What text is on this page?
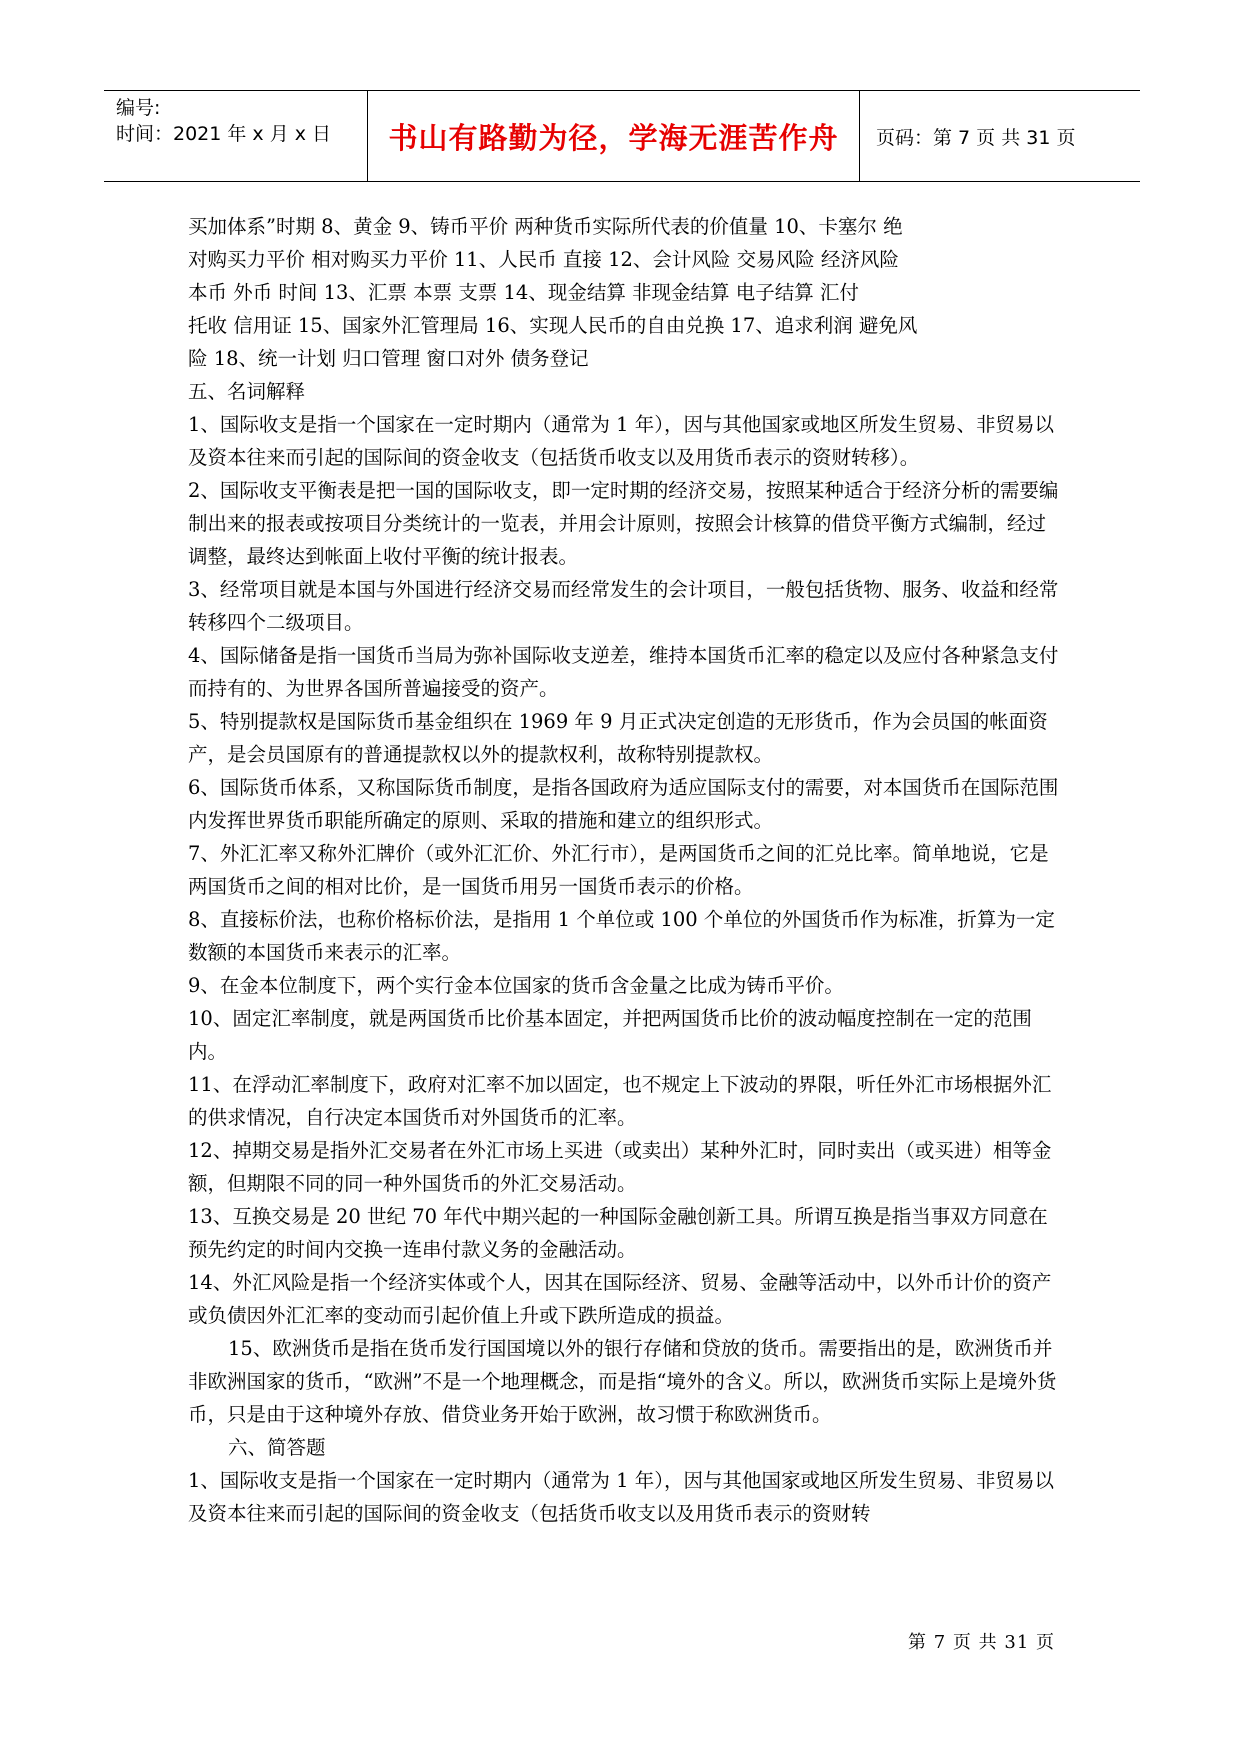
编号:
时间：2021 年 x 月 x 日	书山有路勤为径，学海无涯苦作舟	页码：第 7 页 共 31 页

买加体系”时期 8、黄金 9、铸币平价 两种货币实际所代表的价值量 10、卡塞尔 绝

对购买力平价 相对购买力平价 11、人民币 直接 12、会计风险 交易风险 经济风险

本币 外币 时间 13、汇票 本票 支票 14、现金结算 非现金结算 电子结算 汇付

托收 信用证 15、国家外汇管理局 16、实现人民币的自由兑换 17、追求利润 避免风

险 18、统一计划 归口管理 窗口对外 债务登记

五、名词解释

1、国际收支是指一个国家在一定时期内（通常为 1 年），因与其他国家或地区所发生贸易、非贸易以及资本往来而引起的国际间的资金收支（包括货币收支以及用货币表示的资财转移）。

2、国际收支平衡表是把一国的国际收支，即一定时期的经济交易，按照某种适合于经济分析的需要编制出来的报表或按项目分类统计的一览表，并用会计原则，按照会计核算的借贷平衡方式编制，经过调整，最终达到帐面上收付平衡的统计报表。

3、经常项目就是本国与外国进行经济交易而经常发生的会计项目，一般包括货物、服务、收益和经常转移四个二级项目。

4、国际储备是指一国货币当局为弥补国际收支逆差，维持本国货币汇率的稳定以及应付各种紧急支付而持有的、为世界各国所普遍接受的资产。

5、特别提款权是国际货币基金组织在 1969 年 9 月正式决定创造的无形货币，作为会员国的帐面资产，是会员国原有的普通提款权以外的提款权利，故称特别提款权。

6、国际货币体系，又称国际货币制度，是指各国政府为适应国际支付的需要，对本国货币在国际范围内发挥世界货币职能所确定的原则、采取的措施和建立的组织形式。

7、外汇汇率又称外汇牌价（或外汇汇价、外汇行市），是两国货币之间的汇兑比率。简单地说，它是两国货币之间的相对比价，是一国货币用另一国货币表示的价格。

8、直接标价法，也称价格标价法，是指用 1 个单位或 100 个单位的外国货币作为标准，折算为一定数额的本国货币来表示的汇率。

9、在金本位制度下，两个实行金本位国家的货币含金量之比成为铸币平价。

10、固定汇率制度，就是两国货币比价基本固定，并把两国货币比价的波动幅度控制在一定的范围内。

11、在浮动汇率制度下，政府对汇率不加以固定，也不规定上下波动的界限，听任外汇市场根据外汇的供求情况，自行决定本国货币对外国货币的汇率。

12、掉期交易是指外汇交易者在外汇市场上买进（或卖出）某种外汇时，同时卖出（或买进）相等金额，但期限不同的同一种外国货币的外汇交易活动。

13、互换交易是 20 世纪 70 年代中期兴起的一种国际金融创新工具。所谓互换是指当事双方同意在预先约定的时间内交换一连串付款义务的金融活动。

14、外汇风险是指一个经济实体或个人，因其在国际经济、贸易、金融等活动中，以外币计价的资产或负债因外汇汇率的变动而引起价值上升或下跌所造成的损益。

15、欧洲货币是指在货币发行国国境以外的银行存储和贷放的货币。需要指出的是，欧洲货币并非欧洲国家的货币，“欧洲”不是一个地理概念，而是指“境外的含义。所以，欧洲货币实际上是境外货币，只是由于这种境外存放、借贷业务开始于欧洲，故习惯于称欧洲货币。

六、简答题

1、国际收支是指一个国家在一定时期内（通常为 1 年），因与其他国家或地区所发生贸易、非贸易以及资本往来而引起的国际间的资金收支（包括货币收支以及用货币表示的资财转

第 7 页 共 31 页
